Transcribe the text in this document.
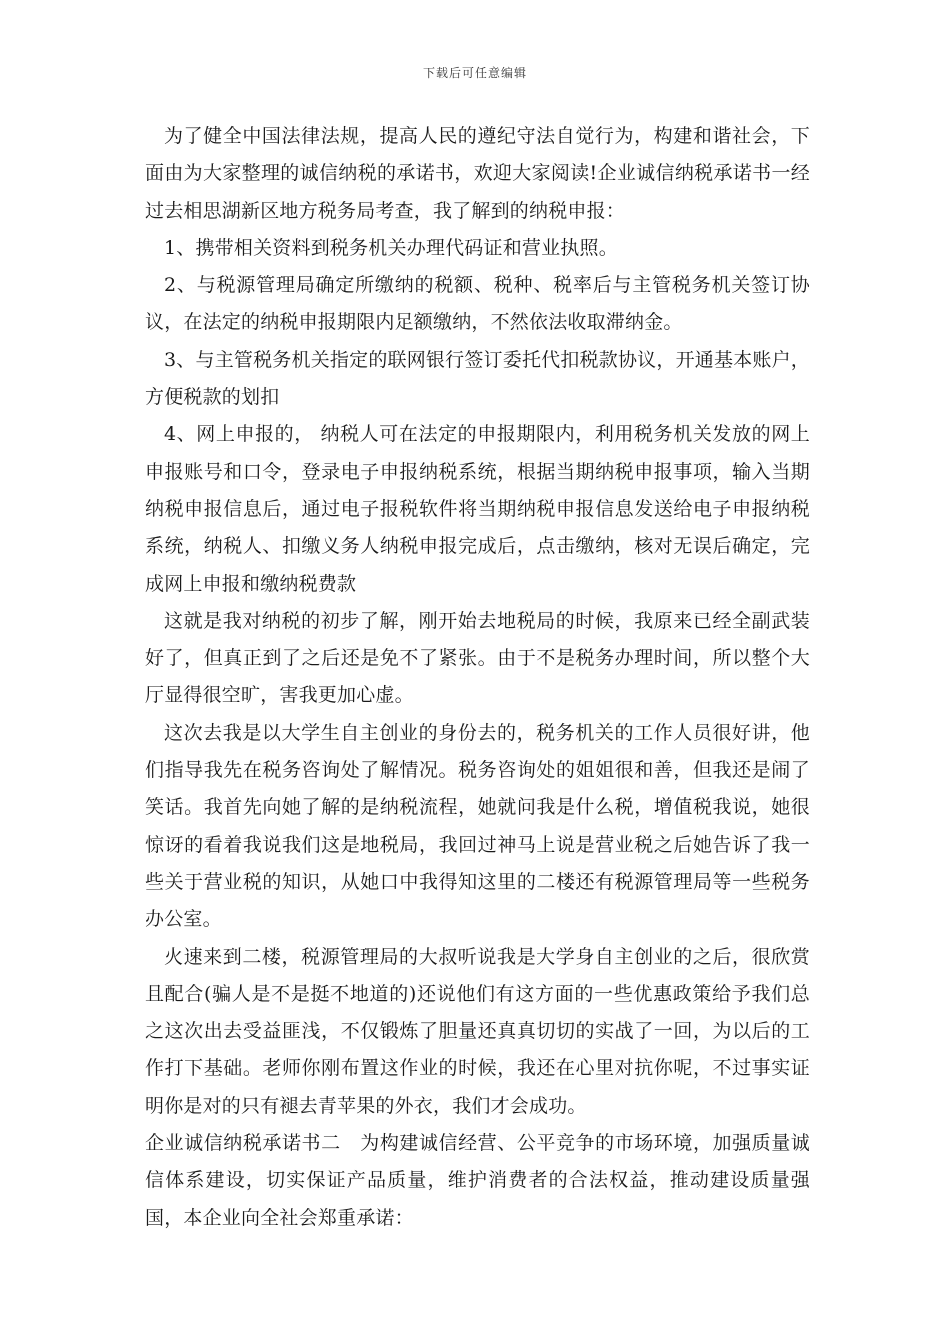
下载后可任意编辑

为了健全中国法律法规，提高人民的遵纪守法自觉行为，构建和谐社会，下面由为大家整理的诚信纳税的承诺书，欢迎大家阅读!企业诚信纳税承诺书一经过去相思湖新区地方税务局考查，我了解到的纳税申报：

1、携带相关资料到税务机关办理代码证和营业执照。

2、与税源管理局确定所缴纳的税额、税种、税率后与主管税务机关签订协议，在法定的纳税申报期限内足额缴纳，不然依法收取滞纳金。

3、与主管税务机关指定的联网银行签订委托代扣税款协议，开通基本账户，方便税款的划扣

4、网上申报的， 纳税人可在法定的申报期限内，利用税务机关发放的网上申报账号和口令，登录电子申报纳税系统，根据当期纳税申报事项，输入当期纳税申报信息后，通过电子报税软件将当期纳税申报信息发送给电子申报纳税系统，纳税人、扣缴义务人纳税申报完成后，点击缴纳，核对无误后确定，完成网上申报和缴纳税费款

这就是我对纳税的初步了解，刚开始去地税局的时候，我原来已经全副武装好了，但真正到了之后还是免不了紧张。由于不是税务办理时间，所以整个大厅显得很空旷，害我更加心虚。

这次去我是以大学生自主创业的身份去的，税务机关的工作人员很好讲，他们指导我先在税务咨询处了解情况。税务咨询处的姐姐很和善，但我还是闹了笑话。我首先向她了解的是纳税流程，她就问我是什么税，增值税我说，她很惊讶的看着我说我们这是地税局，我回过神马上说是营业税之后她告诉了我一些关于营业税的知识，从她口中我得知这里的二楼还有税源管理局等一些税务办公室。

火速来到二楼，税源管理局的大叔听说我是大学身自主创业的之后，很欣赏且配合(骗人是不是挺不地道的)还说他们有这方面的一些优惠政策给予我们总之这次出去受益匪浅，不仅锻炼了胆量还真真切切的实战了一回，为以后的工作打下基础。老师你刚布置这作业的时候，我还在心里对抗你呢，不过事实证明你是对的只有褪去青苹果的外衣，我们才会成功。

企业诚信纳税承诺书二　为构建诚信经营、公平竞争的市场环境，加强质量诚信体系建设，切实保证产品质量，维护消费者的合法权益，推动建设质量强国，本企业向全社会郑重承诺：
